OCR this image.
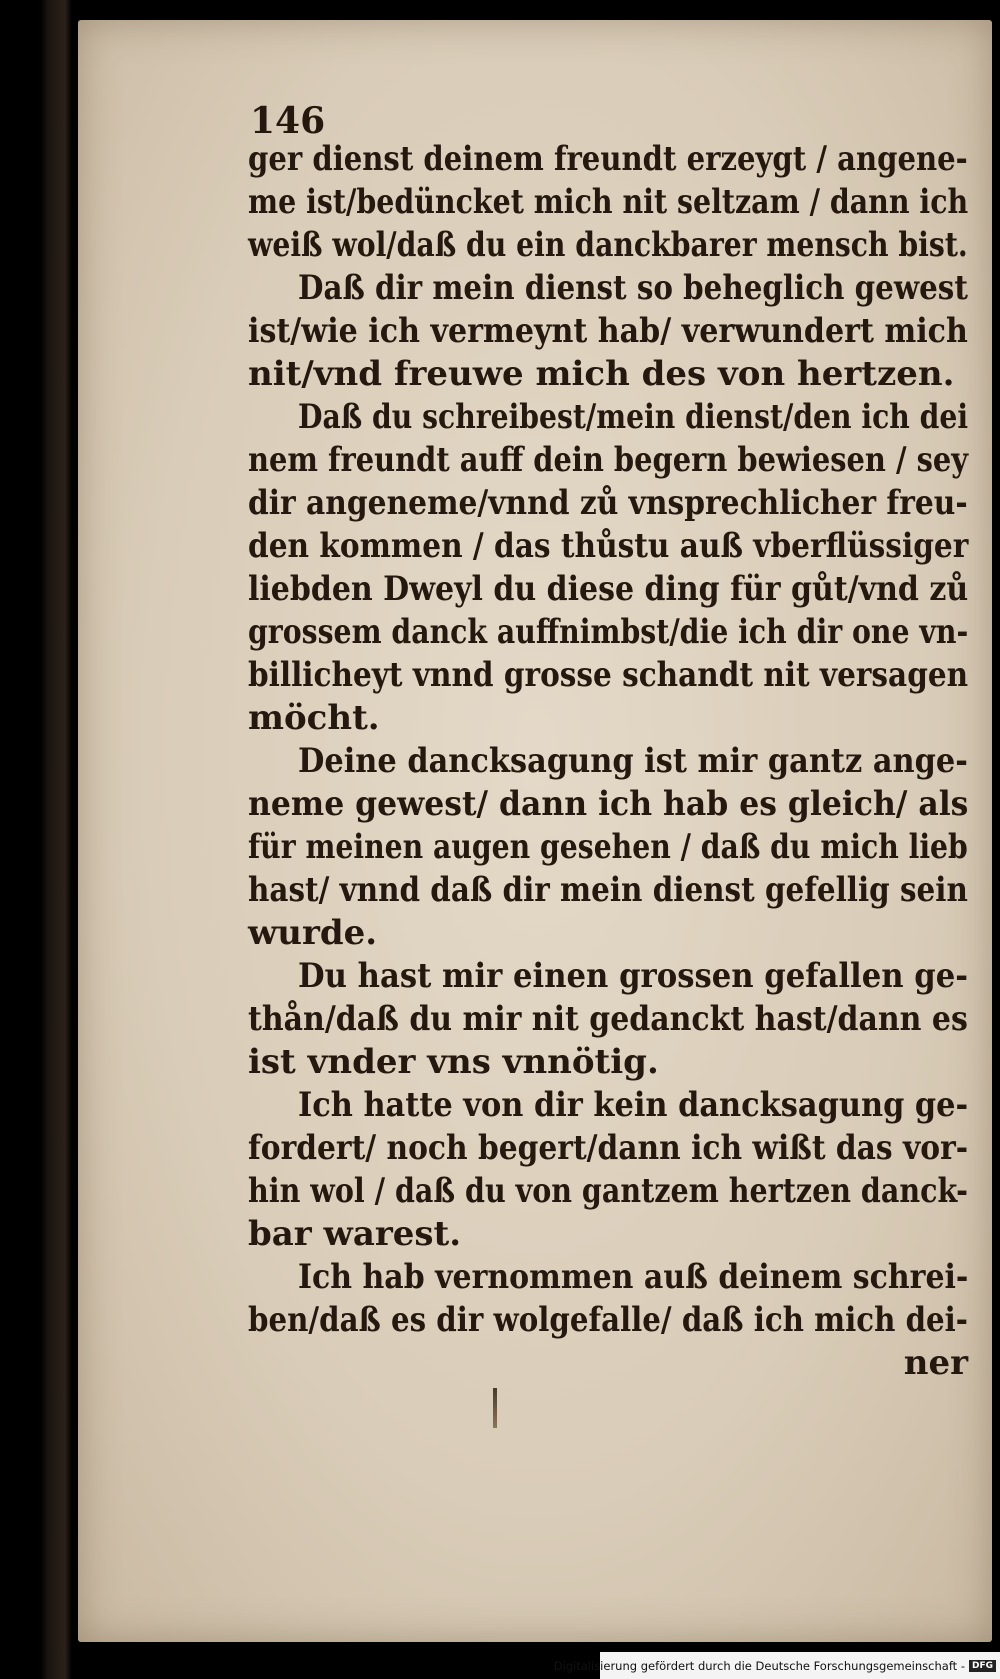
146
ger dienst deinem freundt erzeygt / angene-
me ist/bedüncket mich nit seltzam / dann ich
weiß wol/daß du ein danckbarer mensch bist.
Daß dir mein dienst so beheglich gewest
ist/wie ich vermeynt hab/ verwundert mich
nit/vnd freuwe mich des von hertzen.
Daß du schreibest/mein dienst/den ich dei
nem freundt auff dein begern bewiesen / sey
dir angeneme/vnnd zů vnsprechlicher freu-
den kommen / das thůstu auß vberflüssiger
liebden Dweyl du diese ding für gůt/vnd zů
grossem danck auffnimbst/die ich dir one vn-
billicheyt vnnd grosse schandt nit versagen
möcht.
Deine dancksagung ist mir gantz ange-
neme gewest/ dann ich hab es gleich/ als
für meinen augen gesehen / daß du mich lieb
hast/ vnnd daß dir mein dienst gefellig sein
wurde.
Du hast mir einen grossen gefallen ge-
thån/daß du mir nit gedanckt hast/dann es
ist vnder vns vnnötig.
Ich hatte von dir kein dancksagung ge-
fordert/ noch begert/dann ich wißt das vor-
hin wol / daß du von gantzem hertzen danck-
bar warest.
Ich hab vernommen auß deinem schrei-
ben/daß es dir wolgefalle/ daß ich mich dei-
ner
Digitalisierung gefördert durch die Deutsche Forschungsgemeinschaft - DFG
